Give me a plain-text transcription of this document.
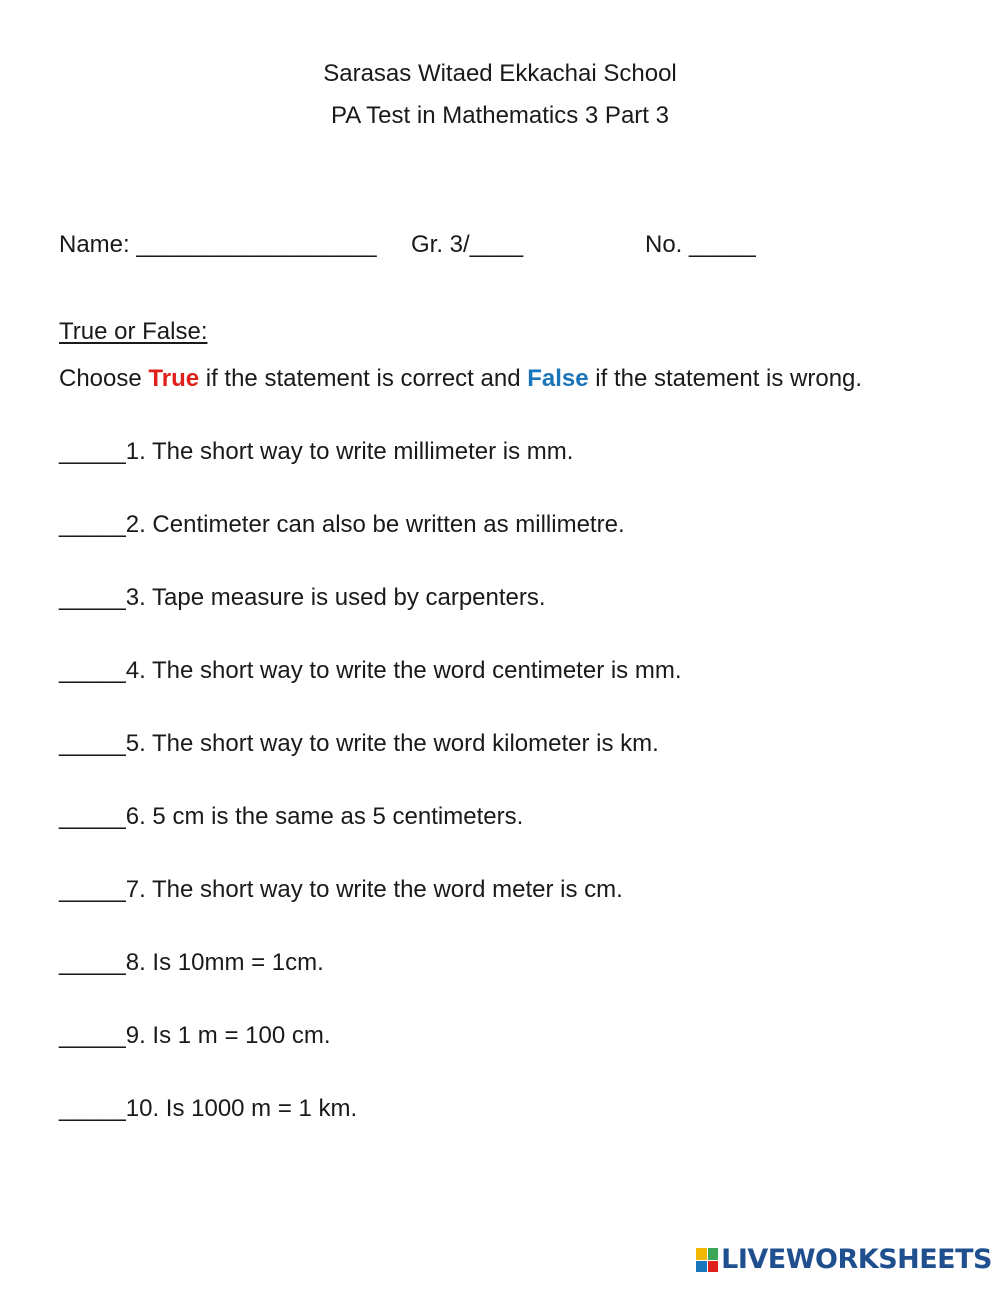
Sarasas Witaed Ekkachai School
PA Test in Mathematics 3 Part 3
Name: __________________ Gr. 3/____	No. _____
True or False:
Choose True if the statement is correct and False if the statement is wrong.
_____1. The short way to write millimeter is mm.
_____2. Centimeter can also be written as millimetre.
_____3. Tape measure is used by carpenters.
_____4. The short way to write the word centimeter is mm.
_____5. The short way to write the word kilometer is km.
_____6. 5 cm is the same as 5 centimeters.
_____7. The short way to write the word meter is cm.
_____8. Is 10mm = 1cm.
_____9. Is 1 m = 100 cm.
_____10. Is 1000 m = 1 km.
LIVEWORKSHEETS
